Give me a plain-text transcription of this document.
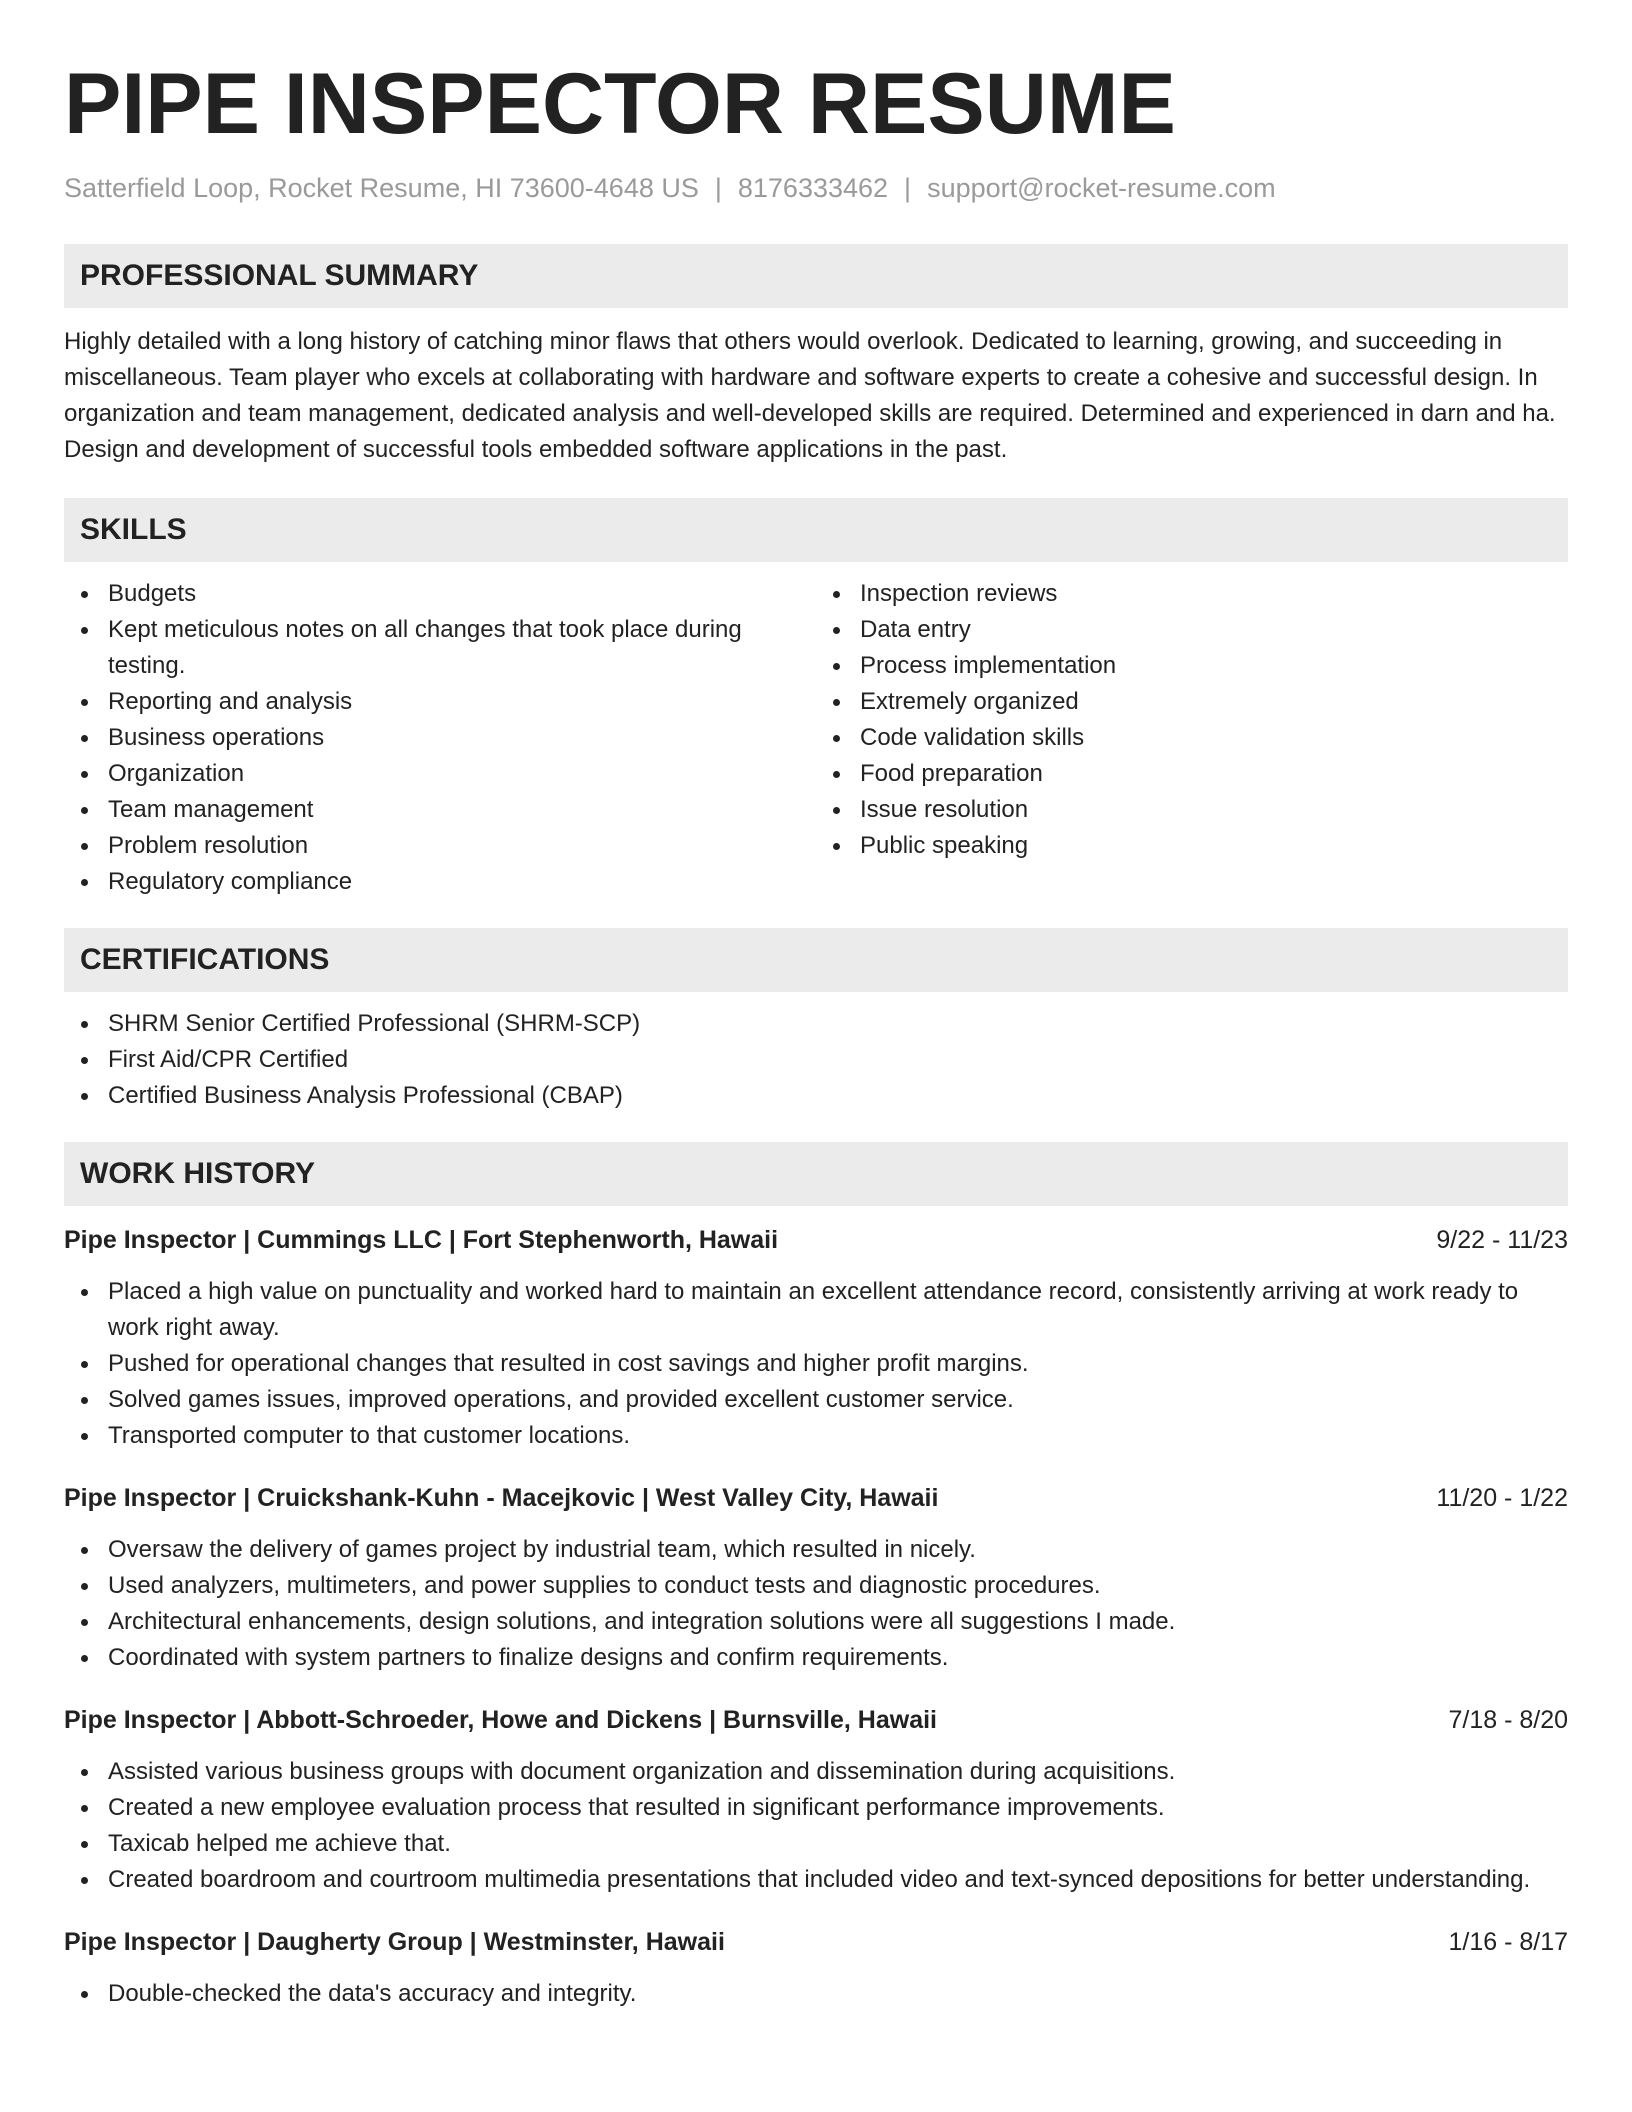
PIPE INSPECTOR RESUME
Satterfield Loop, Rocket Resume, HI 73600-4648 US | 8176333462 | support@rocket-resume.com
PROFESSIONAL SUMMARY

Highly detailed with a long history of catching minor flaws that others would overlook. Dedicated to learning, growing, and succeeding in miscellaneous. Team player who excels at collaborating with hardware and software experts to create a cohesive and successful design. In organization and team management, dedicated analysis and well-developed skills are required. Determined and experienced in darn and ha. Design and development of successful tools embedded software applications in the past.

SKILLS
Budgets
Kept meticulous notes on all changes that took place during testing.
Reporting and analysis
Business operations
Organization
Team management
Problem resolution
Regulatory compliance
Inspection reviews
Data entry
Process implementation
Extremely organized
Code validation skills
Food preparation
Issue resolution
Public speaking
CERTIFICATIONS
SHRM Senior Certified Professional (SHRM-SCP)
First Aid/CPR Certified
Certified Business Analysis Professional (CBAP)
WORK HISTORY
Pipe Inspector | Cummings LLC | Fort Stephenworth, Hawaii	9/22 - 11/23
Placed a high value on punctuality and worked hard to maintain an excellent attendance record, consistently arriving at work ready to work right away.
Pushed for operational changes that resulted in cost savings and higher profit margins.
Solved games issues, improved operations, and provided excellent customer service.
Transported computer to that customer locations.
Pipe Inspector | Cruickshank-Kuhn - Macejkovic | West Valley City, Hawaii	11/20 - 1/22
Oversaw the delivery of games project by industrial team, which resulted in nicely.
Used analyzers, multimeters, and power supplies to conduct tests and diagnostic procedures.
Architectural enhancements, design solutions, and integration solutions were all suggestions I made.
Coordinated with system partners to finalize designs and confirm requirements.
Pipe Inspector | Abbott-Schroeder, Howe and Dickens | Burnsville, Hawaii	7/18 - 8/20
Assisted various business groups with document organization and dissemination during acquisitions.
Created a new employee evaluation process that resulted in significant performance improvements.
Taxicab helped me achieve that.
Created boardroom and courtroom multimedia presentations that included video and text-synced depositions for better understanding.
Pipe Inspector | Daugherty Group | Westminster, Hawaii	1/16 - 8/17
Double-checked the data's accuracy and integrity.
